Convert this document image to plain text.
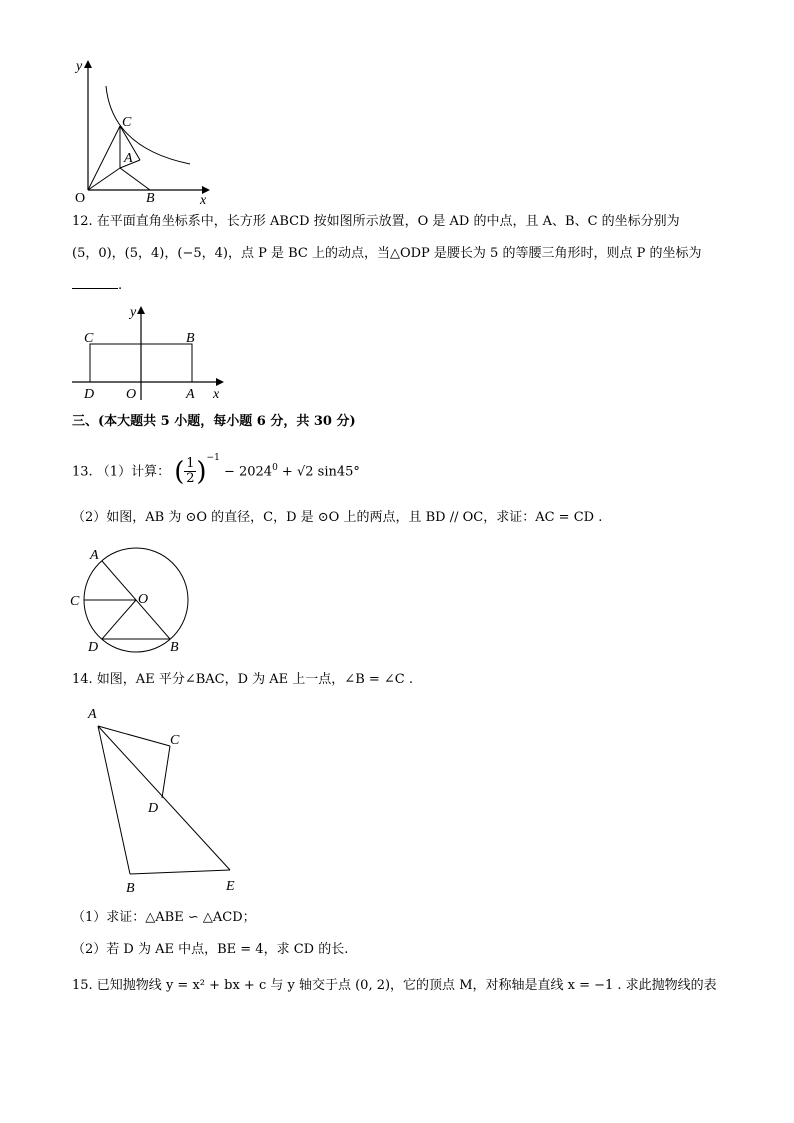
y
x
O
C
A
B
12. 在平面直角坐标系中，长方形 ABCD 按如图所示放置，O 是 AD 的中点，且 A、B、C 的坐标分别为
(5，0)，(5，4)，(−5，4)，点 P 是 BC 上的动点，当△ODP 是腰长为 5 的等腰三角形时，则点 P 的坐标为
.
y
x
C	B
D O	A
三、(本大题共 5 小题，每小题 6 分，共 30 分)
13. （1）计算： $(\frac{1}{2})^{-1} - 2024^0 + √2$ sin45°
（2）如图，AB 为 ⊙O 的直径，C，D 是 ⊙O 上的两点，且 BD // OC，求证：AC = CD .
A
C	O
D	B
14. 如图，AE 平分∠BAC，D 为 AE 上一点，∠B = ∠C .
A
C
D
B	E
（1）求证：△ABE ∽ △ACD；
（2）若 D 为 AE 中点，BE = 4，求 CD 的长.
15. 已知抛物线 y = x² + bx + c 与 y 轴交于点 (0, 2)，它的顶点 M，对称轴是直线 x = −1 . 求此抛物线的表
